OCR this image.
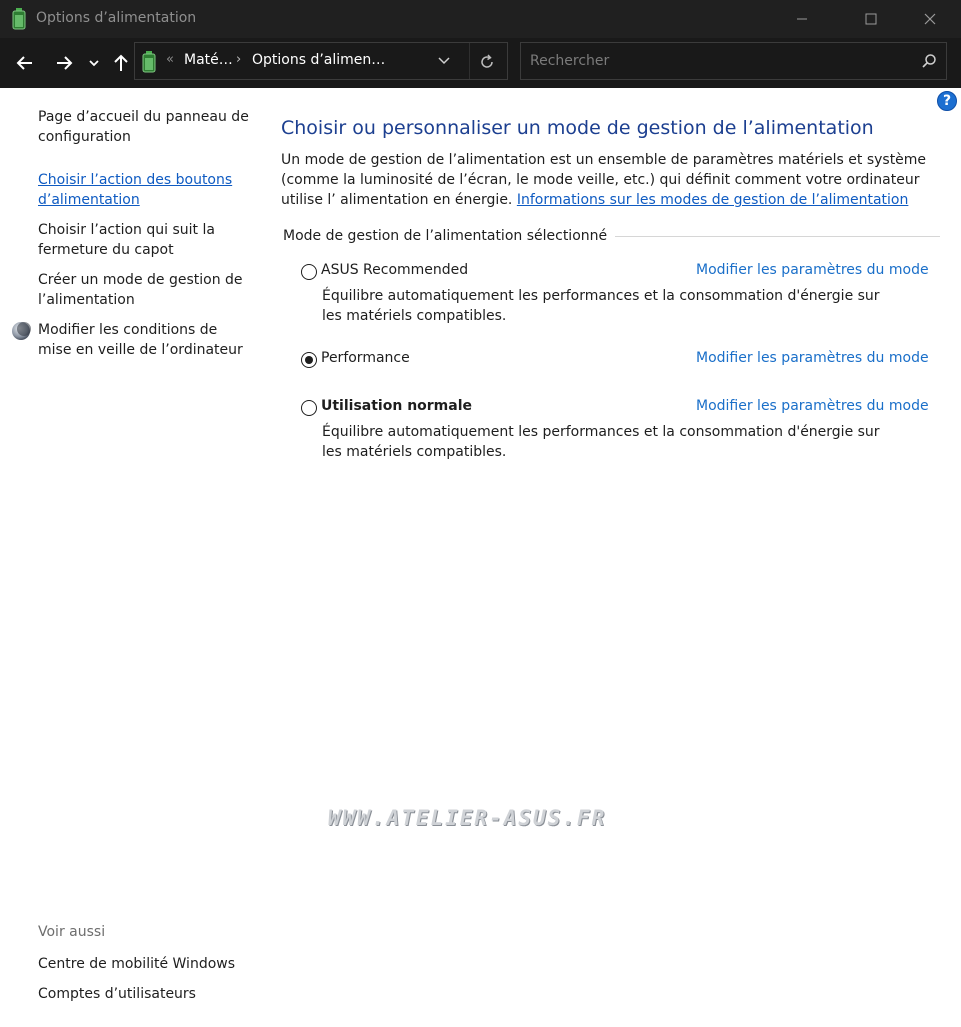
Options d’alimentation
« Maté… › Options d’alimen…
Rechercher
Page d’accueil du panneau de configuration
Choisir l’action des boutons d’alimentation
Choisir l’action qui suit la fermeture du capot
Créer un mode de gestion de l’alimentation
Modifier les conditions de mise en veille de l’ordinateur
Voir aussi
Centre de mobilité Windows
Comptes d’utilisateurs
?
Choisir ou personnaliser un mode de gestion de l’alimentation
Un mode de gestion de l’alimentation est un ensemble de paramètres matériels et système (comme la luminosité de l’écran, le mode veille, etc.) qui définit comment votre ordinateur utilise l’ alimentation en énergie. Informations sur les modes de gestion de l’alimentation
Mode de gestion de l’alimentation sélectionné
ASUS Recommended	Modifier les paramètres du mode
Équilibre automatiquement les performances et la consommation d'énergie sur les matériels compatibles.
Performance	Modifier les paramètres du mode
Utilisation normale	Modifier les paramètres du mode
Équilibre automatiquement les performances et la consommation d'énergie sur les matériels compatibles.
WWW.ATELIER-ASUS.FR
